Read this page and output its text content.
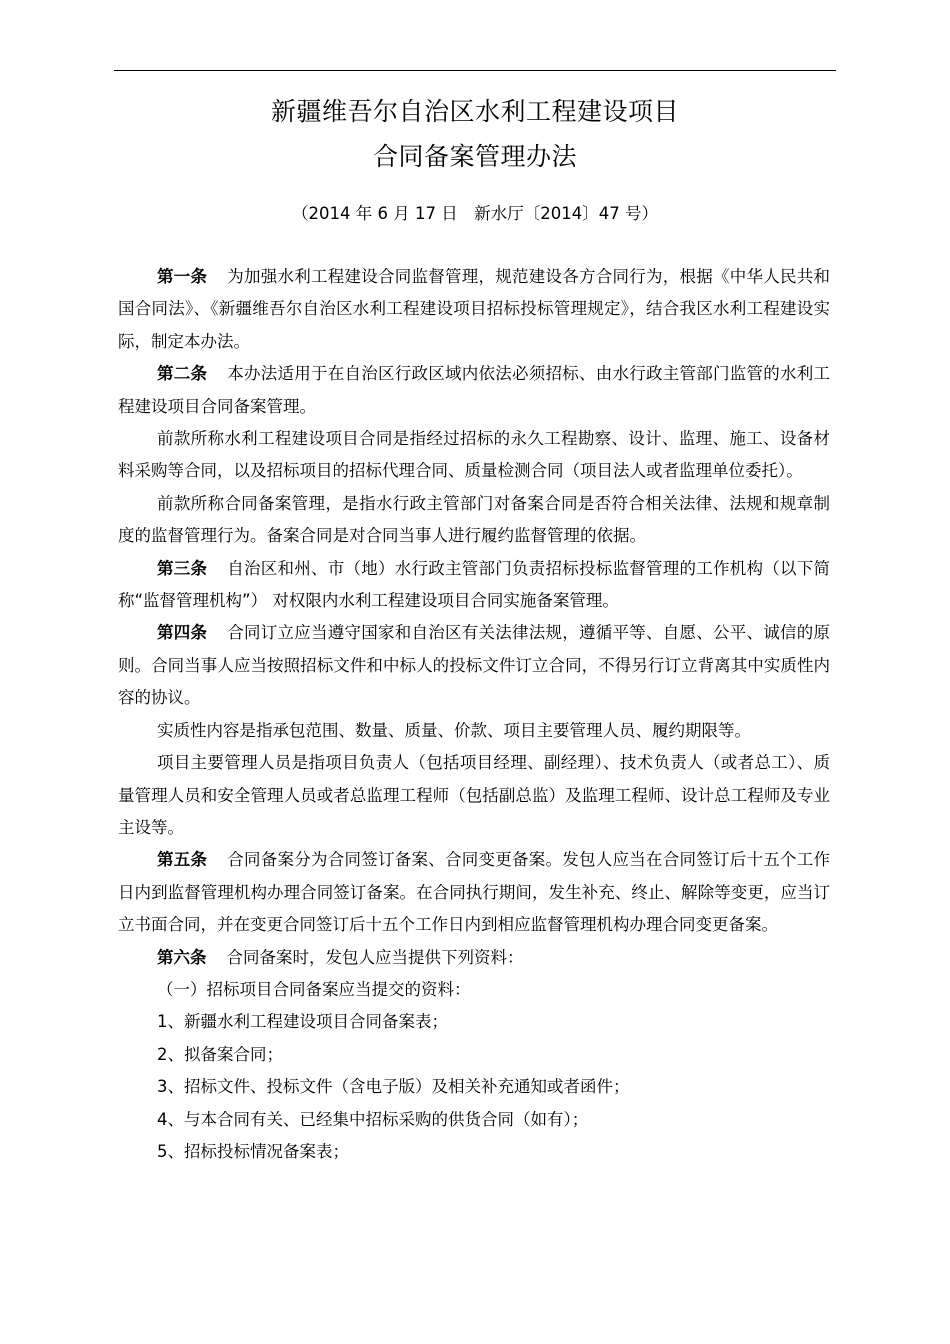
新疆维吾尔自治区水利工程建设项目
合同备案管理办法
（2014 年 6 月 17 日　新水厅〔2014〕47 号）

第一条 为加强水利工程建设合同监督管理，规范建设各方合同行为，根据《中华人民共和国合同法》、《新疆维吾尔自治区水利工程建设项目招标投标管理规定》，结合我区水利工程建设实际，制定本办法。

第二条 本办法适用于在自治区行政区域内依法必须招标、由水行政主管部门监管的水利工程建设项目合同备案管理。

前款所称水利工程建设项目合同是指经过招标的永久工程勘察、设计、监理、施工、设备材料采购等合同，以及招标项目的招标代理合同、质量检测合同（项目法人或者监理单位委托）。

前款所称合同备案管理，是指水行政主管部门对备案合同是否符合相关法律、法规和规章制度的监督管理行为。备案合同是对合同当事人进行履约监督管理的依据。

第三条 自治区和州、市（地）水行政主管部门负责招标投标监督管理的工作机构（以下简称“监督管理机构”） 对权限内水利工程建设项目合同实施备案管理。

第四条 合同订立应当遵守国家和自治区有关法律法规，遵循平等、自愿、公平、诚信的原则。合同当事人应当按照招标文件和中标人的投标文件订立合同，不得另行订立背离其中实质性内容的协议。

实质性内容是指承包范围、数量、质量、价款、项目主要管理人员、履约期限等。

项目主要管理人员是指项目负责人（包括项目经理、副经理）、技术负责人（或者总工）、质量管理人员和安全管理人员或者总监理工程师（包括副总监）及监理工程师、设计总工程师及专业主设等。

第五条 合同备案分为合同签订备案、合同变更备案。发包人应当在合同签订后十五个工作日内到监督管理机构办理合同签订备案。在合同执行期间，发生补充、终止、解除等变更，应当订立书面合同，并在变更合同签订后十五个工作日内到相应监督管理机构办理合同变更备案。

第六条 合同备案时，发包人应当提供下列资料：

（一）招标项目合同备案应当提交的资料：

1、新疆水利工程建设项目合同备案表；

2、拟备案合同；

3、招标文件、投标文件（含电子版）及相关补充通知或者函件；

4、与本合同有关、已经集中招标采购的供货合同（如有）；

5、招标投标情况备案表；
